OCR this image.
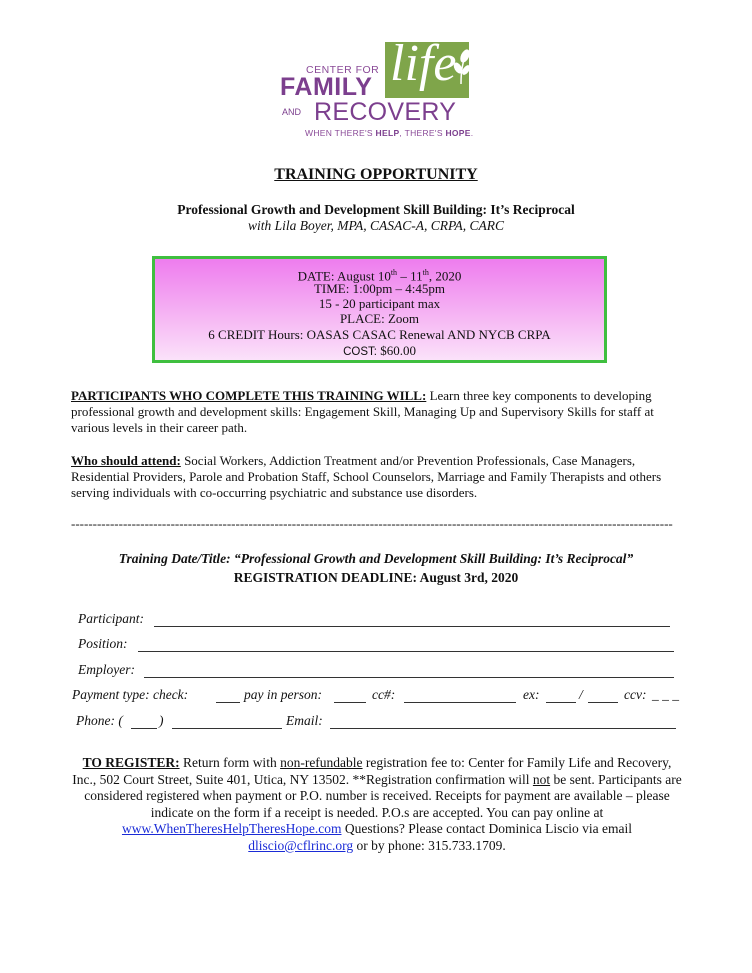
life
CENTER FOR
FAMILY
AND RECOVERY
WHEN THERE'S HELP, THERE'S HOPE.
TRAINING OPPORTUNITY
Professional Growth and Development Skill Building: It’s Reciprocal
with Lila Boyer, MPA, CASAC-A, CRPA, CARC
DATE: August 10th – 11th, 2020
TIME: 1:00pm – 4:45pm
15 - 20 participant max
PLACE: Zoom
6 CREDIT Hours: OASAS CASAC Renewal AND NYCB CRPA
COST: $60.00
PARTICIPANTS WHO COMPLETE THIS TRAINING WILL: Learn three key components to developing professional growth and development skills: Engagement Skill, Managing Up and Supervisory Skills for staff at various levels in their career path.
Who should attend: Social Workers, Addiction Treatment and/or Prevention Professionals, Case Managers, Residential Providers, Parole and Probation Staff, School Counselors, Marriage and Family Therapists and others serving individuals with co-occurring psychiatric and substance use disorders.
-------------------------------------------------------------------------------------------------------------------------------------------
Training Date/Title: “Professional Growth and Development Skill Building: It’s Reciprocal”
REGISTRATION DEADLINE: August 3rd, 2020
Participant:
Position:
Employer:
Payment type: check:	pay in person:	cc#:	ex:	/	ccv: _ _ _
Phone: (	)	Email:
TO REGISTER: Return form with non-refundable registration fee to: Center for Family Life and Recovery, Inc., 502 Court Street, Suite 401, Utica, NY 13502. **Registration confirmation will not be sent. Participants are considered registered when payment or P.O. number is received. Receipts for payment are available – please indicate on the form if a receipt is needed. P.O.s are accepted. You can pay online at www.WhenTheresHelpTheresHope.com Questions? Please contact Dominica Liscio via email dliscio@cflrinc.org or by phone: 315.733.1709.
